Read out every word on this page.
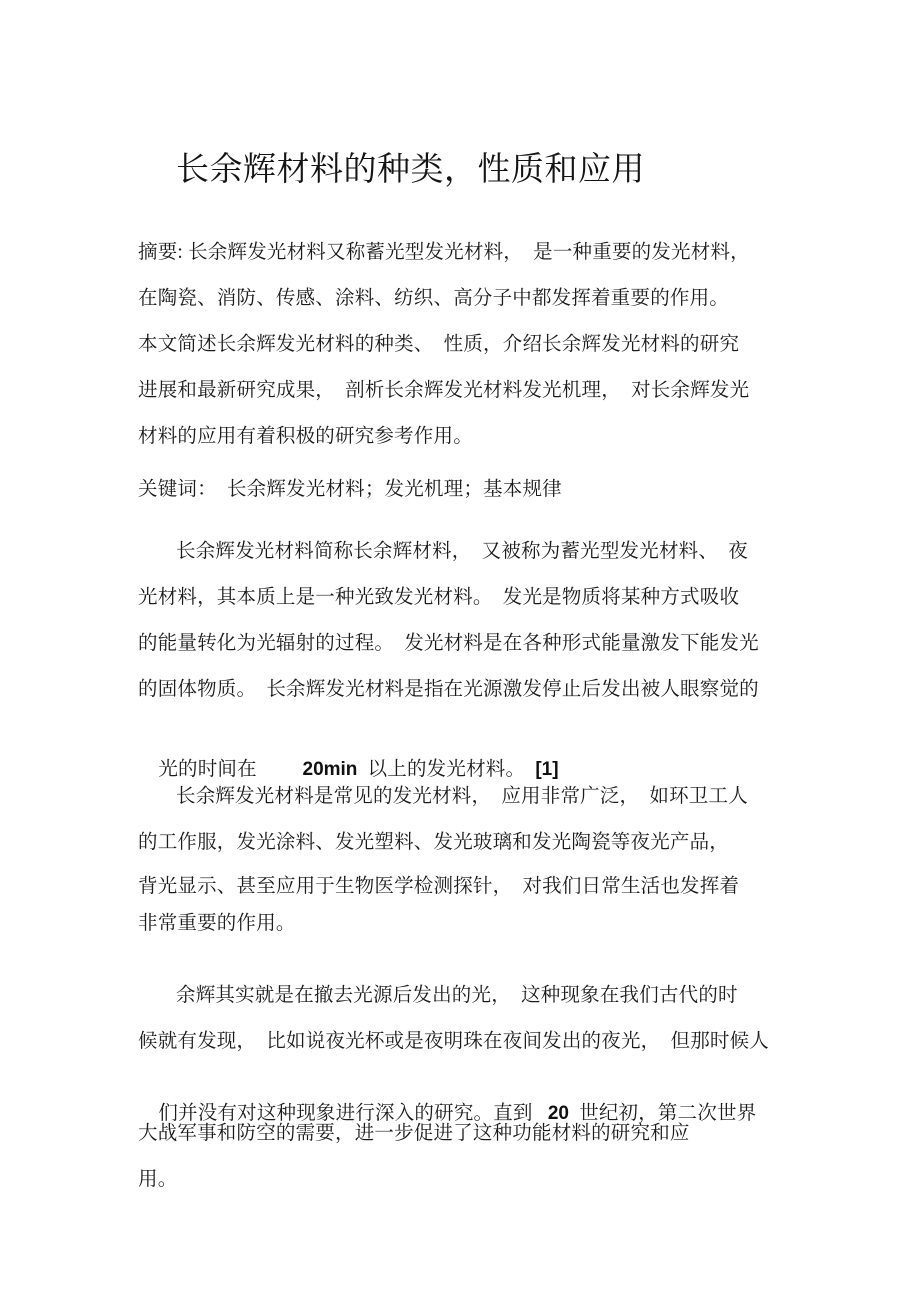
长余辉材料的种类，性质和应用
摘要: 长余辉发光材料又称蓄光型发光材料，  是一种重要的发光材料，
在陶瓷、消防、传感、涂料、纺织、高分子中都发挥着重要的作用。
本文简述长余辉发光材料的种类、  性质，介绍长余辉发光材料的研究
进展和最新研究成果，  剖析长余辉发光材料发光机理，  对长余辉发光
材料的应用有着积极的研究参考作用。
关键词：  长余辉发光材料；发光机理；基本规律
长余辉发光材料简称长余辉材料，  又被称为蓄光型发光材料、  夜
光材料，其本质上是一种光致发光材料。  发光是物质将某种方式吸收
的能量转化为光辐射的过程。  发光材料是在各种形式能量激发下能发光
的固体物质。  长余辉发光材料是指在光源激发停止后发出被人眼察觉的

光的时间在         20min  以上的发光材料。  [1]

长余辉发光材料是常见的发光材料，  应用非常广泛，  如环卫工人
的工作服，发光涂料、发光塑料、发光玻璃和发光陶瓷等夜光产品，
背光显示、甚至应用于生物医学检测探针，  对我们日常生活也发挥着
非常重要的作用。
余辉其实就是在撤去光源后发出的光，  这种现象在我们古代的时
候就有发现，  比如说夜光杯或是夜明珠在夜间发出的夜光，  但那时候人

们并没有对这种现象进行深入的研究。直到   20  世纪初，第二次世界

大战军事和防空的需要，进一步促进了这种功能材料的研究和应
用。
